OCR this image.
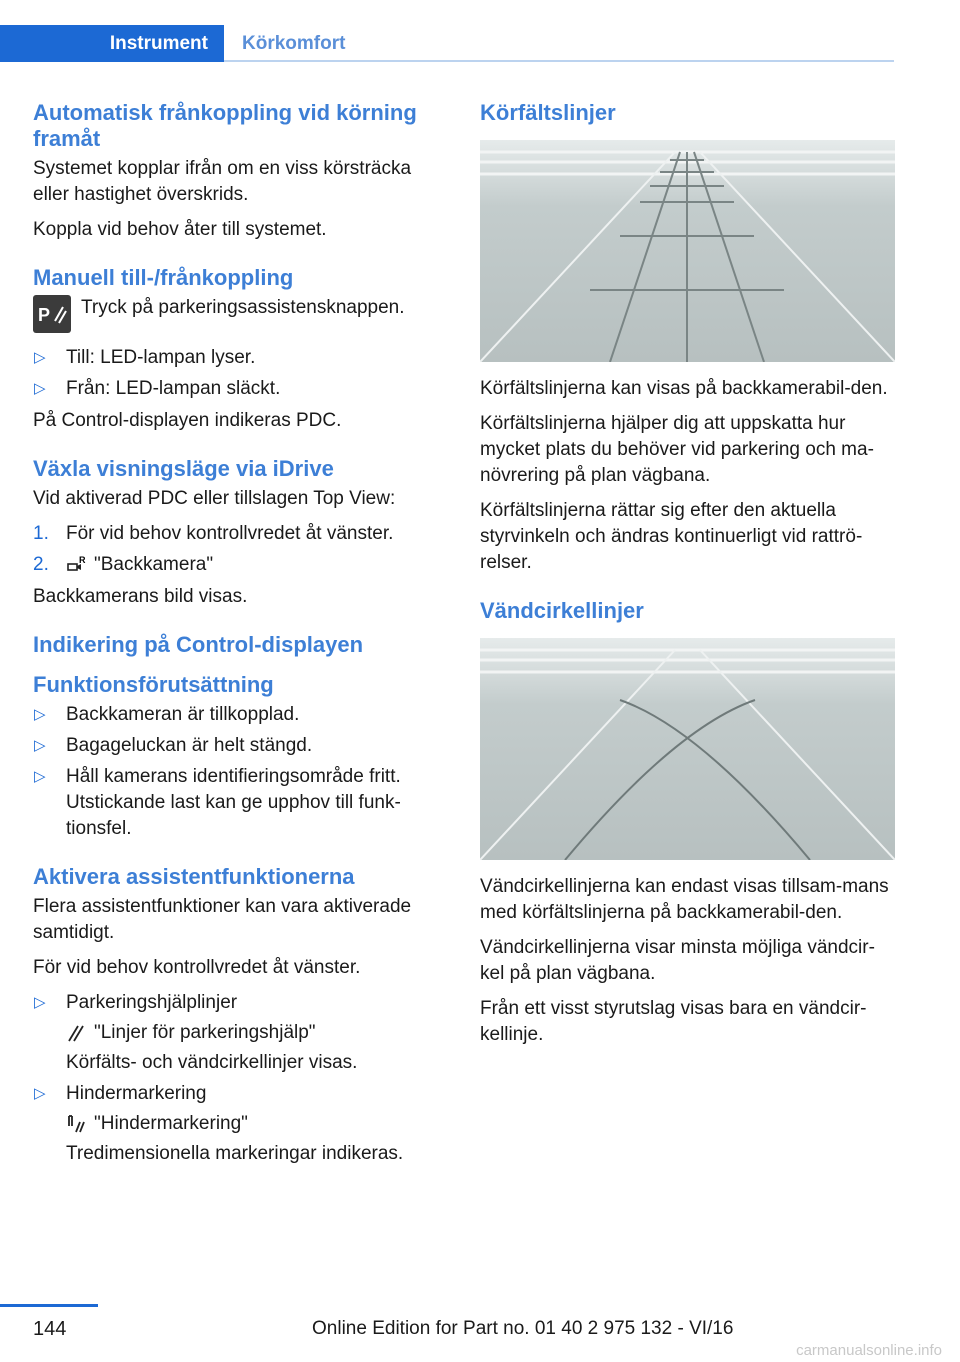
Instrument	Körkomfort
Automatisk frånkoppling vid körning framåt

Systemet kopplar ifrån om en viss körsträcka eller hastighet överskrids.

Koppla vid behov åter till systemet.

Manuell till-/frånkoppling
P Tryck på parkeringsassistensknappen.
▷ Till: LED-lampan lyser.
▷ Från: LED-lampan släckt.

På Control-displayen indikeras PDC.

Växla visningsläge via iDrive

Vid aktiverad PDC eller tillslagen Top View:

1. För vid behov kontrollvredet åt vänster.
2.	R "Backkamera"

Backkamerans bild visas.

Indikering på Control-displayen
Funktionsförutsättning
▷ Backkameran är tillkopplad.
▷ Bagageluckan är helt stängd.
▷ Håll kamerans identifieringsområde fritt. Utstickande last kan ge upphov till funk-tionsfel.
Aktivera assistentfunktionerna

Flera assistentfunktioner kan vara aktiverade samtidigt.

För vid behov kontrollvredet åt vänster.

▷ Parkeringshjälplinjer
"Linjer för parkeringshjälp"
Körfälts- och vändcirkellinjer visas.
▷ Hindermarkering
"Hindermarkering"
Tredimensionella markeringar indikeras.
Körfältslinjer

Körfältslinjerna kan visas på backkamerabil-den.

Körfältslinjerna hjälper dig att uppskatta hur mycket plats du behöver vid parkering och ma-növrering på plan vägbana.

Körfältslinjerna rättar sig efter den aktuella styrvinkeln och ändras kontinuerligt vid rattrö-relser.

Vändcirkellinjer

Vändcirkellinjerna kan endast visas tillsam-mans med körfältslinjerna på backkamerabil-den.

Vändcirkellinjerna visar minsta möjliga vändcir-kel på plan vägbana.

Från ett visst styrutslag visas bara en vändcir-kellinje.

144	Online Edition for Part no. 01 40 2 975 132 - VI/16
carmanualsonline.info
